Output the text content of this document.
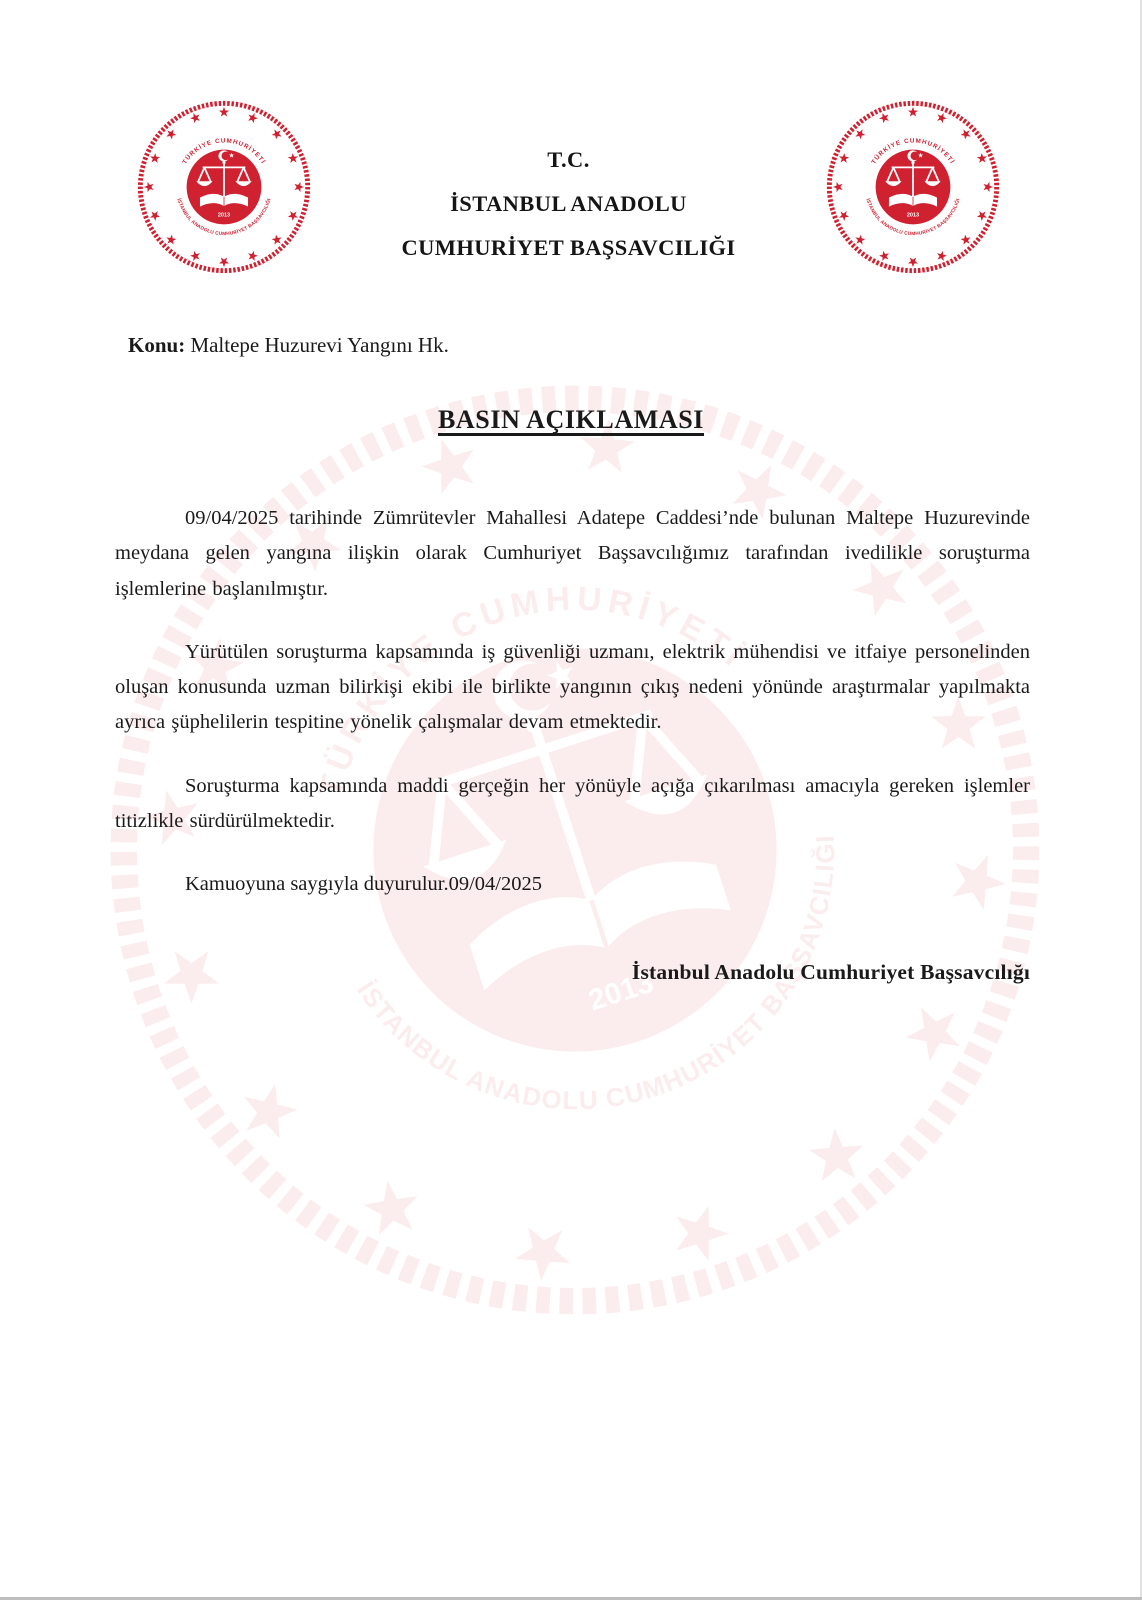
T.C.
İSTANBUL ANADOLU
CUMHURİYET BAŞSAVCILIĞI

Konu: Maltepe Huzurevi Yangını Hk.

BASIN AÇIKLAMASI

09/04/2025 tarihinde Zümrütevler Mahallesi Adatepe Caddesi’nde bulunan Maltepe Huzurevinde meydana gelen yangına ilişkin olarak Cumhuriyet Başsavcılığımız tarafından ivedilikle soruşturma işlemlerine başlanılmıştır.

Yürütülen soruşturma kapsamında iş güvenliği uzmanı, elektrik mühendisi ve itfaiye personelinden oluşan konusunda uzman bilirkişi ekibi ile birlikte yangının çıkış nedeni yönünde araştırmalar yapılmakta ayrıca şüphelilerin tespitine yönelik çalışmalar devam etmektedir.

Soruşturma kapsamında maddi gerçeğin her yönüyle açığa çıkarılması amacıyla gereken işlemler titizlikle sürdürülmektedir.

Kamuoyuna saygıyla duyurulur.09/04/2025

İstanbul Anadolu Cumhuriyet Başsavcılığı
